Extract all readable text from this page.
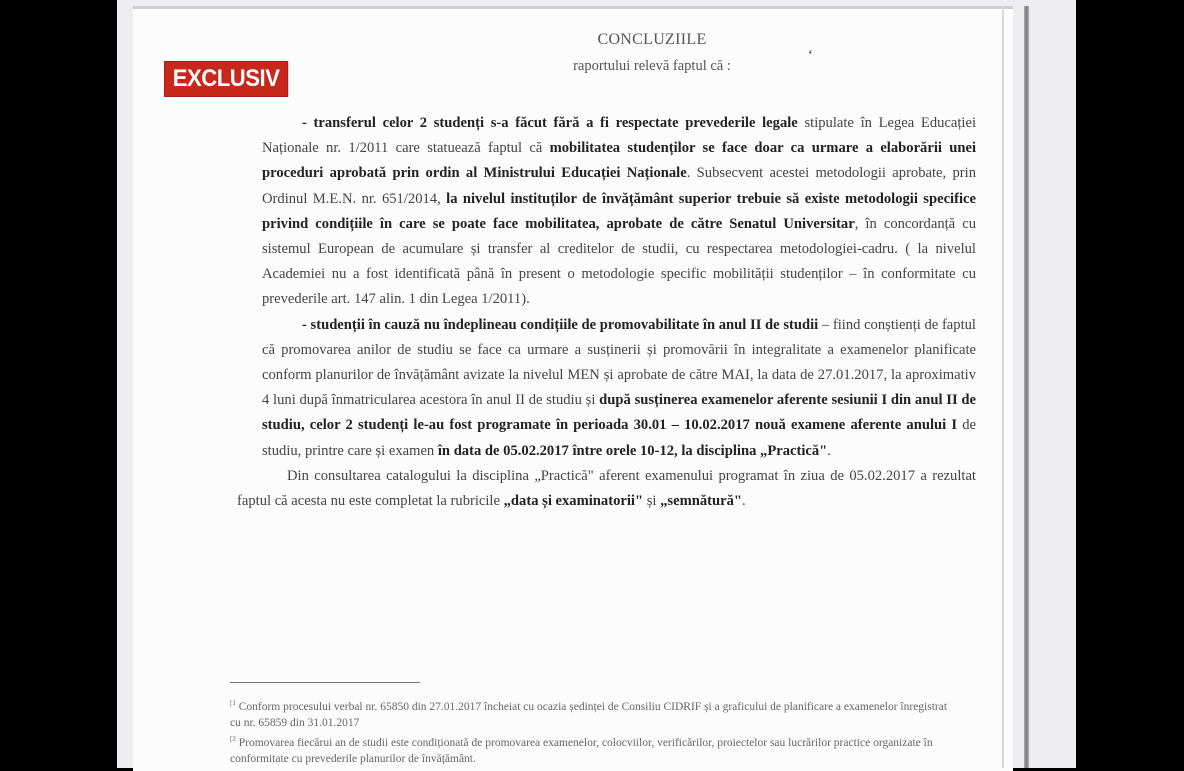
EXCLUSIV
CONCLUZIILE
raportului relevă faptul că :

- transferul celor 2 studenți s-a făcut fără a fi respectate prevederile legale stipulate în Legea Educației Naționale nr. 1/2011 care statuează faptul că mobilitatea studenților se face doar ca urmare a elaborării unei proceduri aprobată prin ordin al Ministrului Educației Naționale. Subsecvent acestei metodologii aprobate, prin Ordinul M.E.N. nr. 651/2014, la nivelul instituților de învățământ superior trebuie să existe metodologii specifice privind condițiile în care se poate face mobilitatea, aprobate de către Senatul Universitar, în concordanță cu sistemul European de acumulare și transfer al creditelor de studii, cu respectarea metodologiei-cadru. ( la nivelul Academiei nu a fost identificată până în present o metodologie specific mobilității studenților – în conformitate cu prevederile art. 147 alin. 1 din Legea 1/2011).

- studenții în cauză nu îndeplineau condițiile de promovabilitate în anul II de studii – fiind conștienți de faptul că promovarea anilor de studiu se face ca urmare a susținerii și promovării în integralitate a examenelor planificate conform planurilor de învățământ avizate la nivelul MEN și aprobate de către MAI, la data de 27.01.2017, la aproximativ 4 luni după înmatricularea acestora în anul II de studiu și după susținerea examenelor aferente sesiunii I din anul II de studiu, celor 2 studenți le-au fost programate în perioada 30.01 – 10.02.2017 nouă examene aferente anului I de studiu, printre care și examen în data de 05.02.2017 între orele 10-12, la disciplina „Practică".

Din consultarea catalogului la disciplina „Practică" aferent examenului programat în ziua de 05.02.2017 a rezultat faptul că acesta nu este completat la rubricile „data și examinatorii" și „semnătură".

‘

$^{[1}$ Conform procesului verbal nr. 65850 din 27.01.2017 încheiat cu ocazia ședinței de Consiliu CIDRIF și a graficului de planificare a examenelor înregistrat cu nr. 65859 din 31.01.2017

$^{[2}$ Promovarea fiecărui an de studii este condiționată de promovarea examenelor, colocviilor, verificărilor, proiectelor sau lucrărilor practice organizate în conformitate cu prevederile planurilor de învățământ.
